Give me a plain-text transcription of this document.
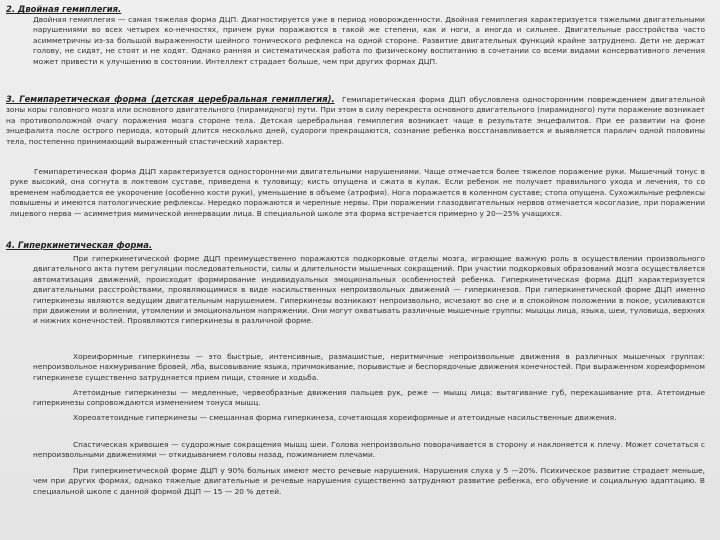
2. Двойная гемиплегия.

Двойная гемиплегия — самая тяжелая форма ДЦП. Диагностируется уже в период новорожденности. Двойная гемиплегия характеризуется тяжелыми двигательными нарушениями во всех четырех ко-нечностях, причем руки поражаются в такой же степени, как и ноги, а иногда и сильнее. Двигательные расстройства часто асимметричны из-за большой выраженности шейного тонического рефлекса на одной стороне. Развитие двигательных функций крайне затруднено. Дети не держат голову, не сидят, не стоят и не ходят. Однако ранняя и систематическая работа по физическому воспитанию в сочетании со всеми видами консервативного лечения может привести к улучшению в состоянии. Интеллект страдает больше, чем при других формах ДЦП.

3. Гемипаретическая форма (детская церебральная гемиплегия). Гемипаретическая форма ДЦП обусловлена односторонним повреждением двигательной зоны коры головного мозга или основного двигательного (пирамидного) пути. При этом в силу перекреста основного двигательного (пирамидного) пути поражение возникает на противоположной очагу поражения мозга стороне тела. Детская церебральная гемиплегия возникает чаще в результате энцефалитов. При ее развитии на фоне энцефалита после острого периода, который длится несколько дней, судороги прекращаются, сознание ребенка восстанавливается и выявляется паралич одной половины тела, постепенно принимающий выраженный спастический характер.

Гемипаретическая форма ДЦП характеризуется односторонни-ми двигательными нарушениями. Чаще отмечается более тяжелое поражение руки. Мышечный тонус в руке высокий, она согнута в локтевом суставе, приведена к туловищу; кисть опущена и сжата в кулак. Если ребенок не получает правильного ухода и лечения, то со временем наблюдается ее укорочение (особенно кости руки), уменьшение в объеме (атрофия). Нога поражается в коленном суставе; стопа опущена. Сухожильные рефлексы повышены и имеются патологические рефлексы. Нередко поражаются и черепные нервы. При поражении глазодвигательных нервов отмечается косоглазие, при поражении лицевого нерва — асимметрия мимической иннервации лица. В специальной школе эта форма встречается примерно у 20—25% учащихся.

4. Гиперкинетическая форма.

При гиперкинетической форме ДЦП преимущественно поражаются подкорковые отделы мозга, играющие важную роль в осуществлении произвольного двигательного акта путем регуляции последовательности, силы и длительности мышечных сокращений. При участии подкорковых образований мозга осуществляется автоматизация движений, происходит формирование индивидуальных эмоциональных особенностей ребенка. Гиперкинетическая форма ДЦП характеризуется двигательными расстройствами, проявляющимися в виде насильственных непроизвольных движений — гиперкинезов. При гиперкинетической форме ДЦП именно гиперкинезы являются ведущим двигательным нарушением. Гиперкинезы возникают непроизвольно, исчезают во сне и в спокойном положении в покое, усиливаются при движении и волнении, утомлении и эмоциональном напряжении. Они могут охватывать различные мышечные группы: мышцы лица, языка, шеи, туловища, верхних и нижних конечностей. Проявляются гиперкинезы в различной форме.

Хореиформные гиперкинезы — это быстрые, интенсивные, размашистые, неритмичные непроизвольные движения в различных мышечных группах: непроизвольное нахмуривание бровей, лба, высовывание языка, причмокивание, порывистые и беспорядочные движения конечностей. При выраженном хореиформном гиперкинезе существенно затрудняется прием пищи, стояние и ходьба.

Атетоидные гиперкинезы — медленные, червеобразные движения пальцев рук, реже — мышц лица: вытягивание губ, перекашивание рта. Атетоидные гиперкинезы сопровождаются изменением тонуса мышц.

Хореоатетоидные гиперкинезы — смешанная форма гиперкинеза, сочетающая хореиформные и атетоидные насильственные движения.

Спастическая кривошея — судорожные сокращения мышц шеи. Голова непроизвольно поворачивается в сторону и наклоняется к плечу. Может сочетаться с непроизвольными движениями — откидыванием головы назад, пожиманием плечами.

При гиперкинетической форме ДЦП у 90% больных имеют место речевые нарушения. Нарушения слуха у 5 —20%. Психическое развитие страдает меньше, чем при других формах, однако тяжелые двигательные и речевые нарушения существенно затрудняют развитие ребенка, его обучение и социальную адаптацию. В специальной школе с данной формой ДЦП — 15 — 20 % детей.
